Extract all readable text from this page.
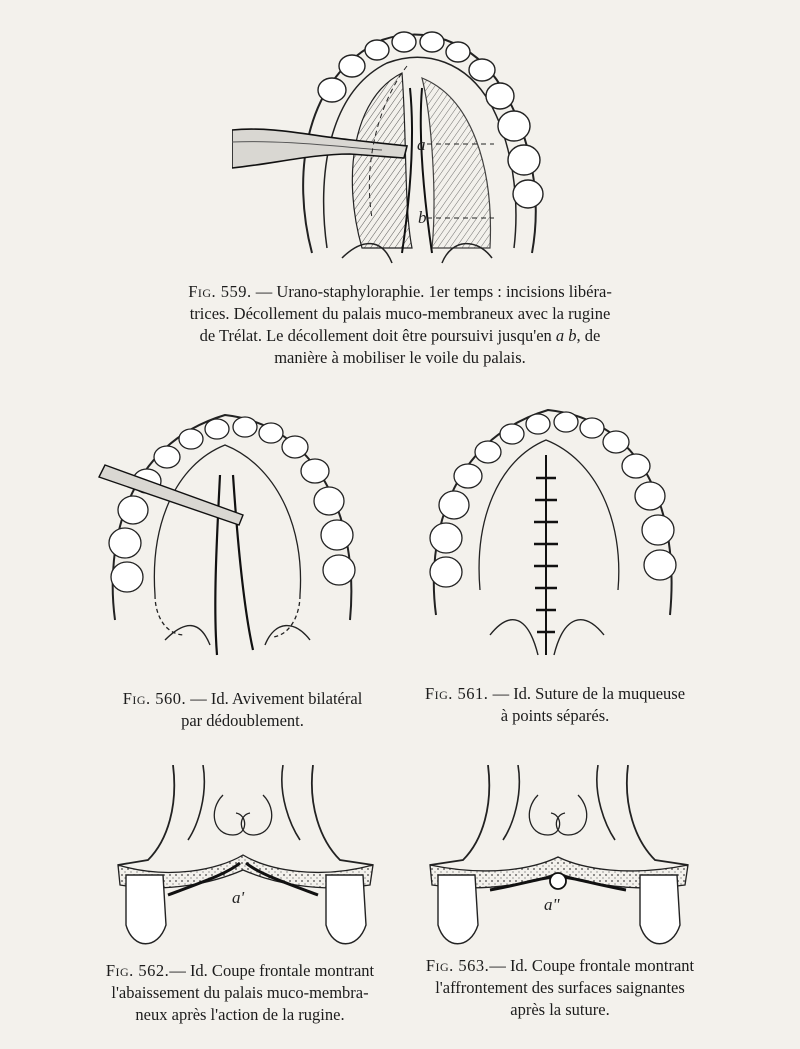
a
b
Fig. 559. — Urano-staphyloraphie. 1er temps : incisions libéra-
trices. Décollement du palais muco-membraneux avec la rugine
de Trélat. Le décollement doit être poursuivi jusqu'en a b, de
manière à mobiliser le voile du palais.
Fig. 560. — Id. Avivement bilatéral
par dédoublement.
Fig. 561. — Id. Suture de la muqueuse
à points séparés.
a'
Fig. 562.— Id. Coupe frontale montrant
l'abaissement du palais muco-membra-
neux après l'action de la rugine.
a"
Fig. 563.— Id. Coupe frontale montrant
l'affrontement des surfaces saignantes
après la suture.
